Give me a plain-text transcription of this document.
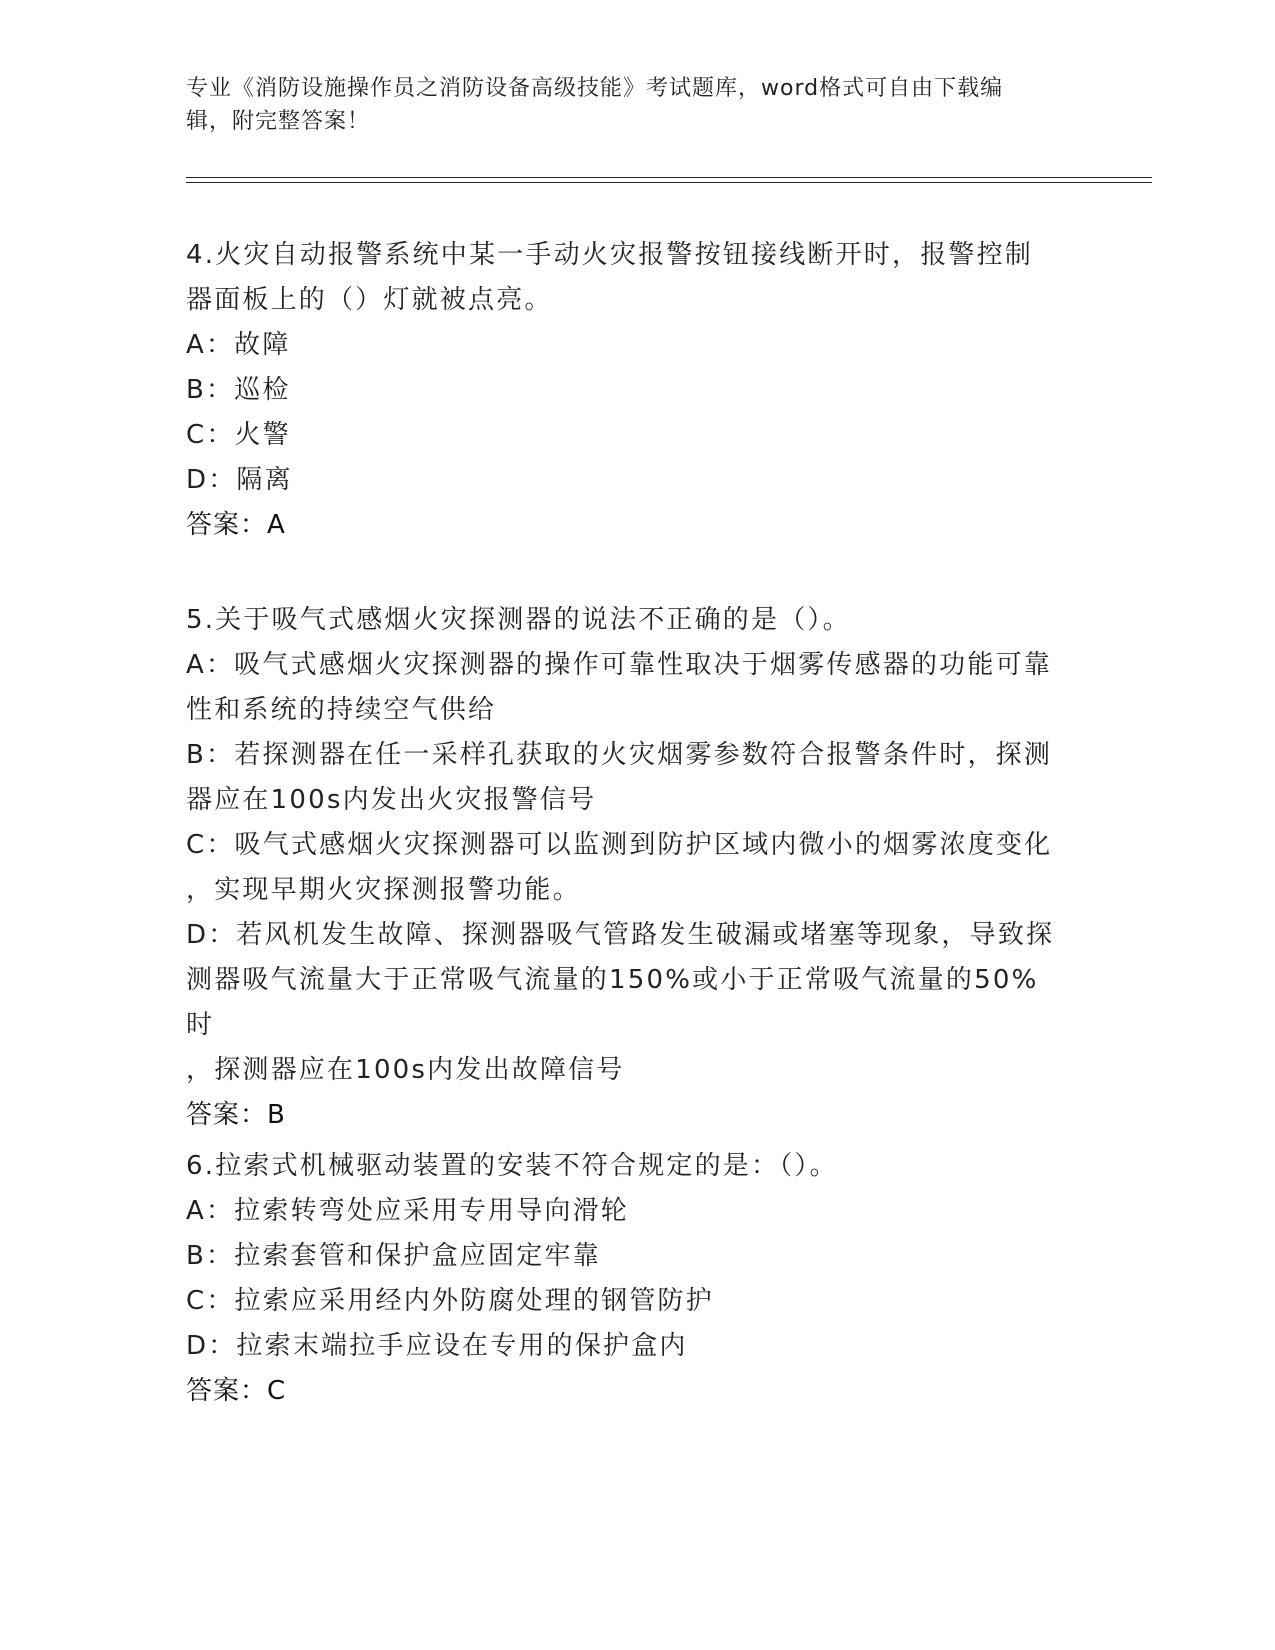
专业《消防设施操作员之消防设备高级技能》考试题库，word格式可自由下载编
辑，附完整答案！
4.火灾自动报警系统中某一手动火灾报警按钮接线断开时，报警控制
器面板上的（）灯就被点亮。
A：故障
B：巡检
C：火警
D：隔离
答案：A
5.关于吸气式感烟火灾探测器的说法不正确的是（）。
A：吸气式感烟火灾探测器的操作可靠性取决于烟雾传感器的功能可靠
性和系统的持续空气供给
B：若探测器在任一采样孔获取的火灾烟雾参数符合报警条件时，探测
器应在100s内发出火灾报警信号
C：吸气式感烟火灾探测器可以监测到防护区域内微小的烟雾浓度变化
，实现早期火灾探测报警功能。
D：若风机发生故障、探测器吸气管路发生破漏或堵塞等现象，导致探
测器吸气流量大于正常吸气流量的150%或小于正常吸气流量的50%时
，探测器应在100s内发出故障信号
答案：B
6.拉索式机械驱动装置的安装不符合规定的是：（）。
A：拉索转弯处应采用专用导向滑轮
B：拉索套管和保护盒应固定牢靠
C：拉索应采用经内外防腐处理的钢管防护
D：拉索末端拉手应设在专用的保护盒内
答案：C
